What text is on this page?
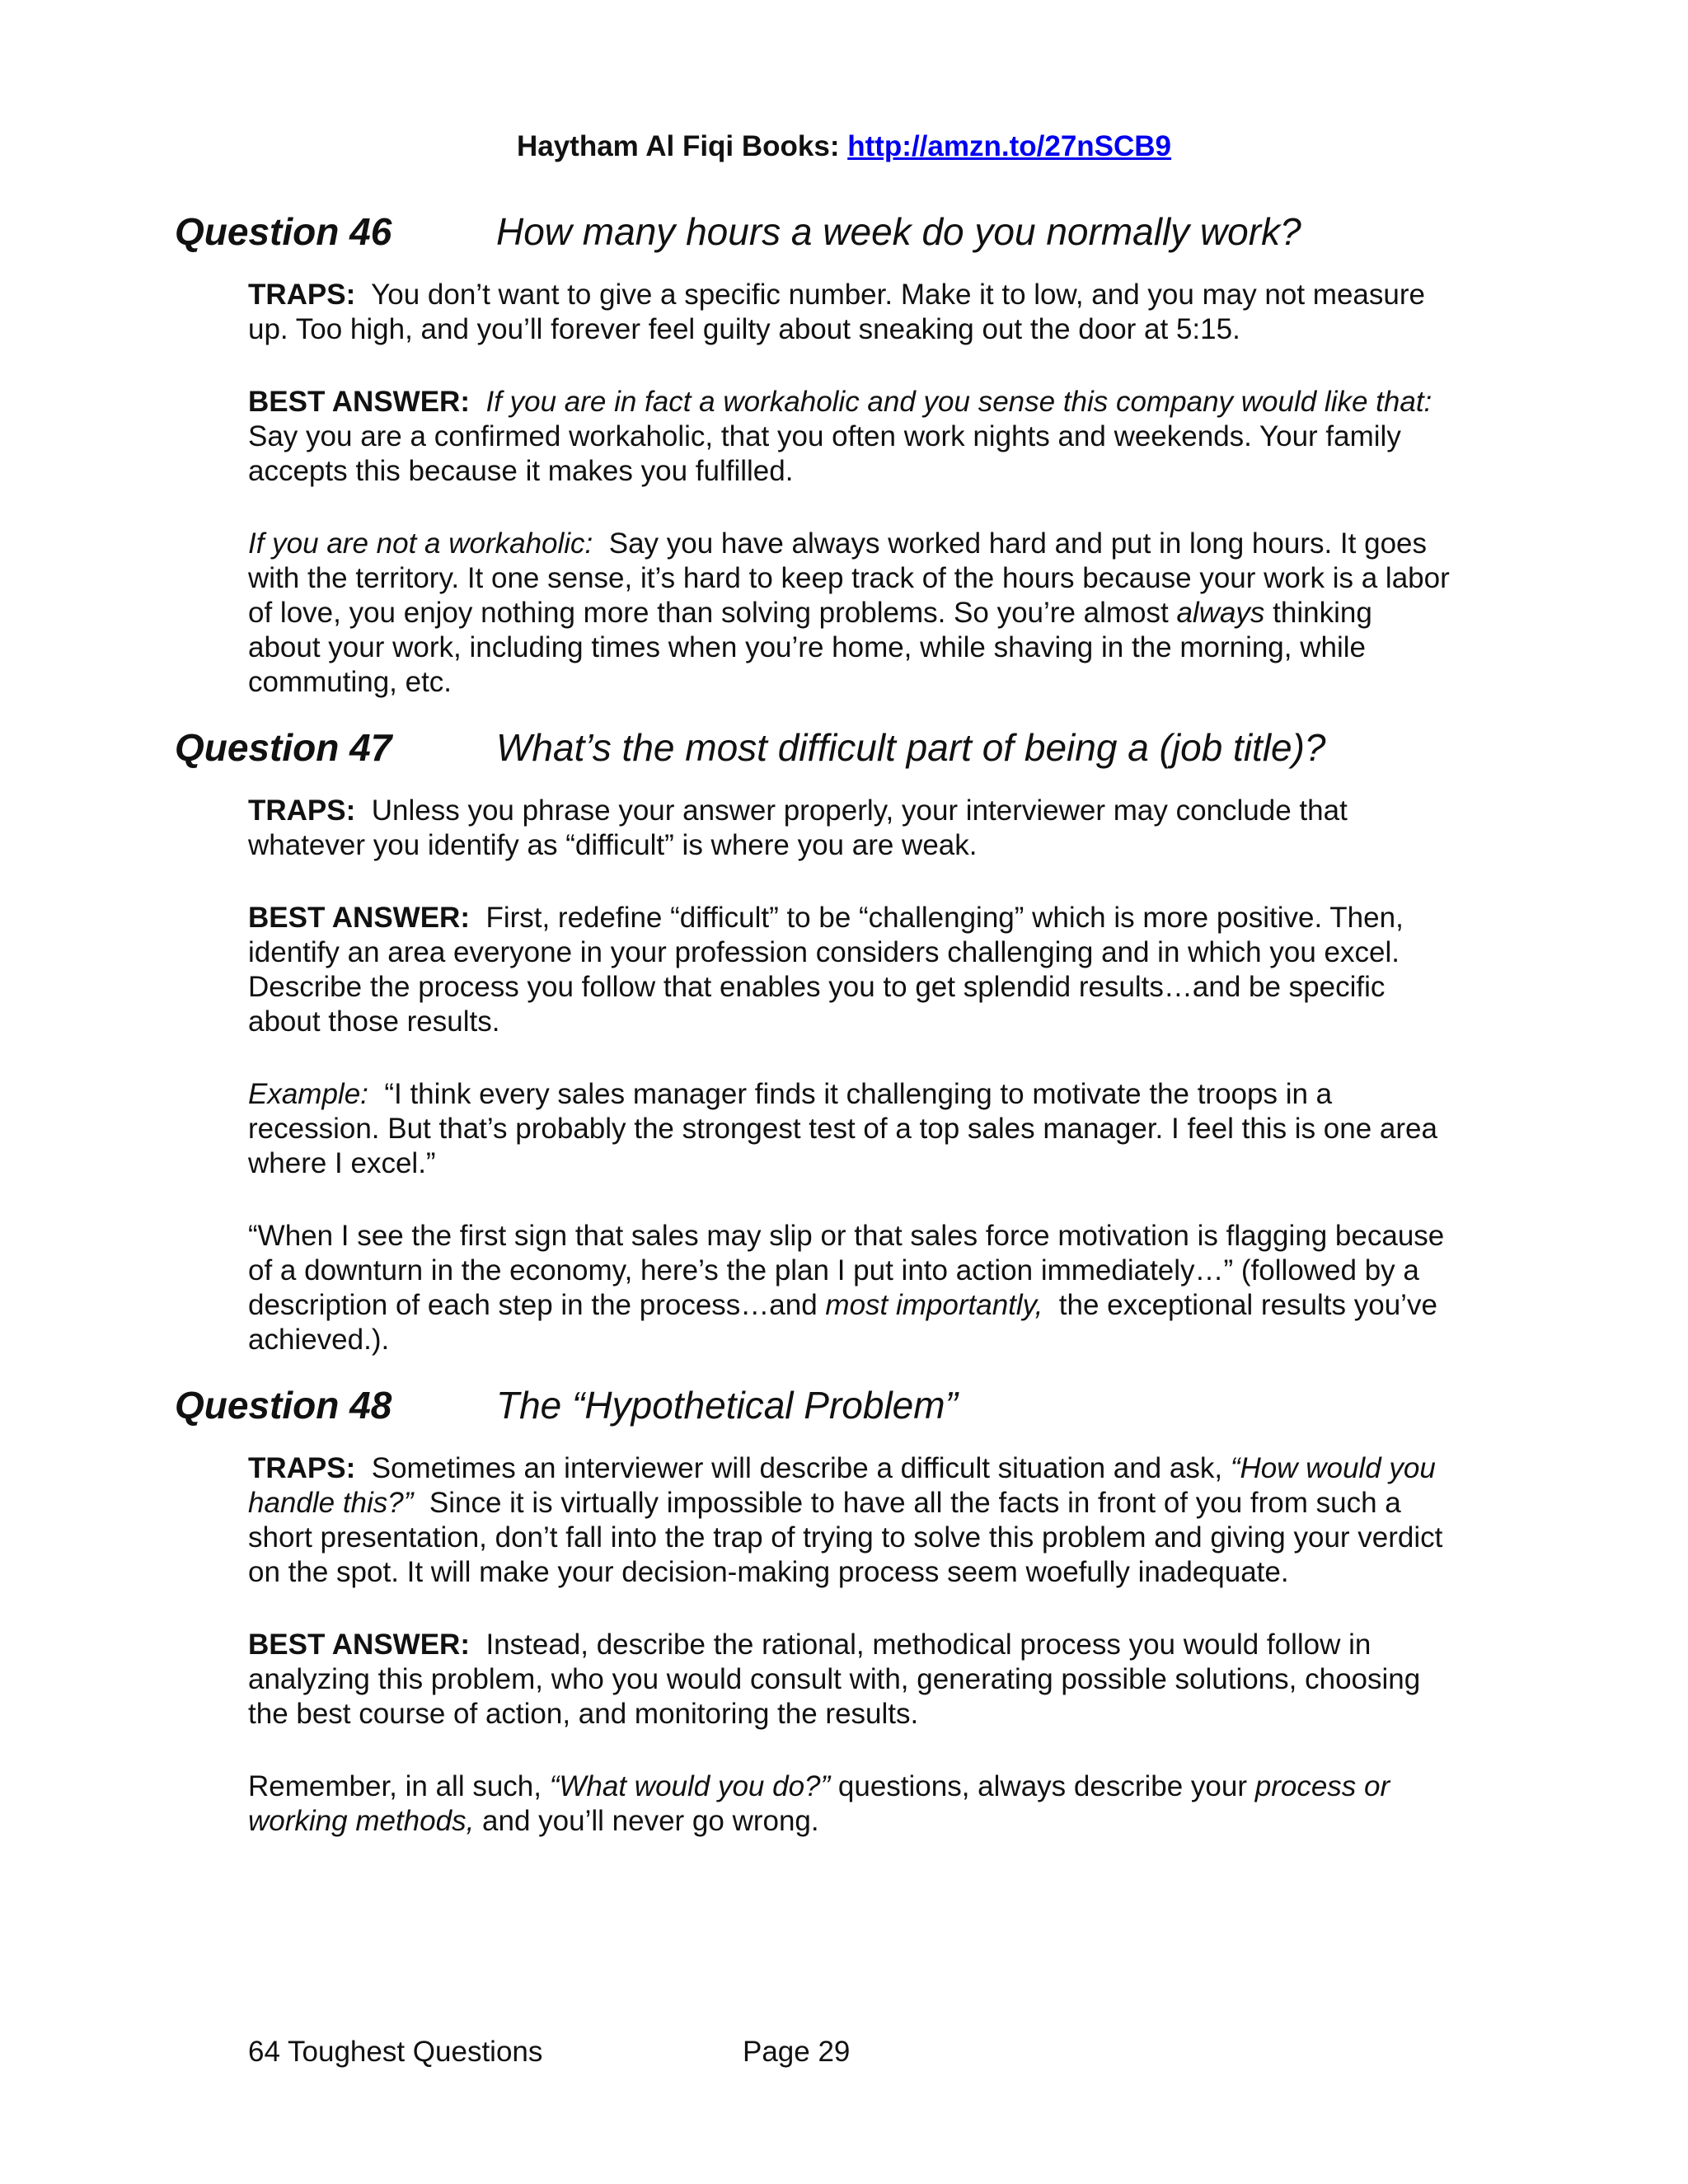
Haytham Al Fiqi Books: http://amzn.to/27nSCB9
Question 46	How many hours a week do you normally work?

TRAPS: You don’t want to give a specific number. Make it to low, and you may not measure up. Too high, and you’ll forever feel guilty about sneaking out the door at 5:15.

BEST ANSWER: If you are in fact a workaholic and you sense this company would like that:  Say you are a confirmed workaholic, that you often work nights and weekends. Your family accepts this because it makes you fulfilled.

If you are not a workaholic: Say you have always worked hard and put in long hours. It goes with the territory. It one sense, it’s hard to keep track of the hours because your work is a labor of love, you enjoy nothing more than solving problems. So you’re almost always thinking about your work, including times when you’re home, while shaving in the morning, while commuting, etc.

Question 47	What’s the most difficult part of being a (job title)?

TRAPS: Unless you phrase your answer properly, your interviewer may conclude that whatever you identify as “difficult” is where you are weak.

BEST ANSWER: First, redefine “difficult” to be “challenging” which is more positive. Then, identify an area everyone in your profession considers challenging and in which you excel. Describe the process you follow that enables you to get splendid results…and be specific about those results.

Example: “I think every sales manager finds it challenging to motivate the troops in a recession. But that’s probably the strongest test of a top sales manager. I feel this is one area where I excel.”

“When I see the first sign that sales may slip or that sales force motivation is flagging because of a downturn in the economy, here’s the plan I put into action immediately…” (followed by a description of each step in the process…and most importantly, the exceptional results you’ve achieved.).

Question 48	The “Hypothetical Problem”

TRAPS: Sometimes an interviewer will describe a difficult situation and ask, “How would you handle this?” Since it is virtually impossible to have all the facts in front of you from such a short presentation, don’t fall into the trap of trying to solve this problem and giving your verdict on the spot. It will make your decision-making process seem woefully inadequate.

BEST ANSWER: Instead, describe the rational, methodical process you would follow in analyzing this problem, who you would consult with, generating possible solutions, choosing the best course of action, and monitoring the results.

Remember, in all such, “What would you do?” questions, always describe your process or working methods, and you’ll never go wrong.

64 Toughest Questions	Page 29
